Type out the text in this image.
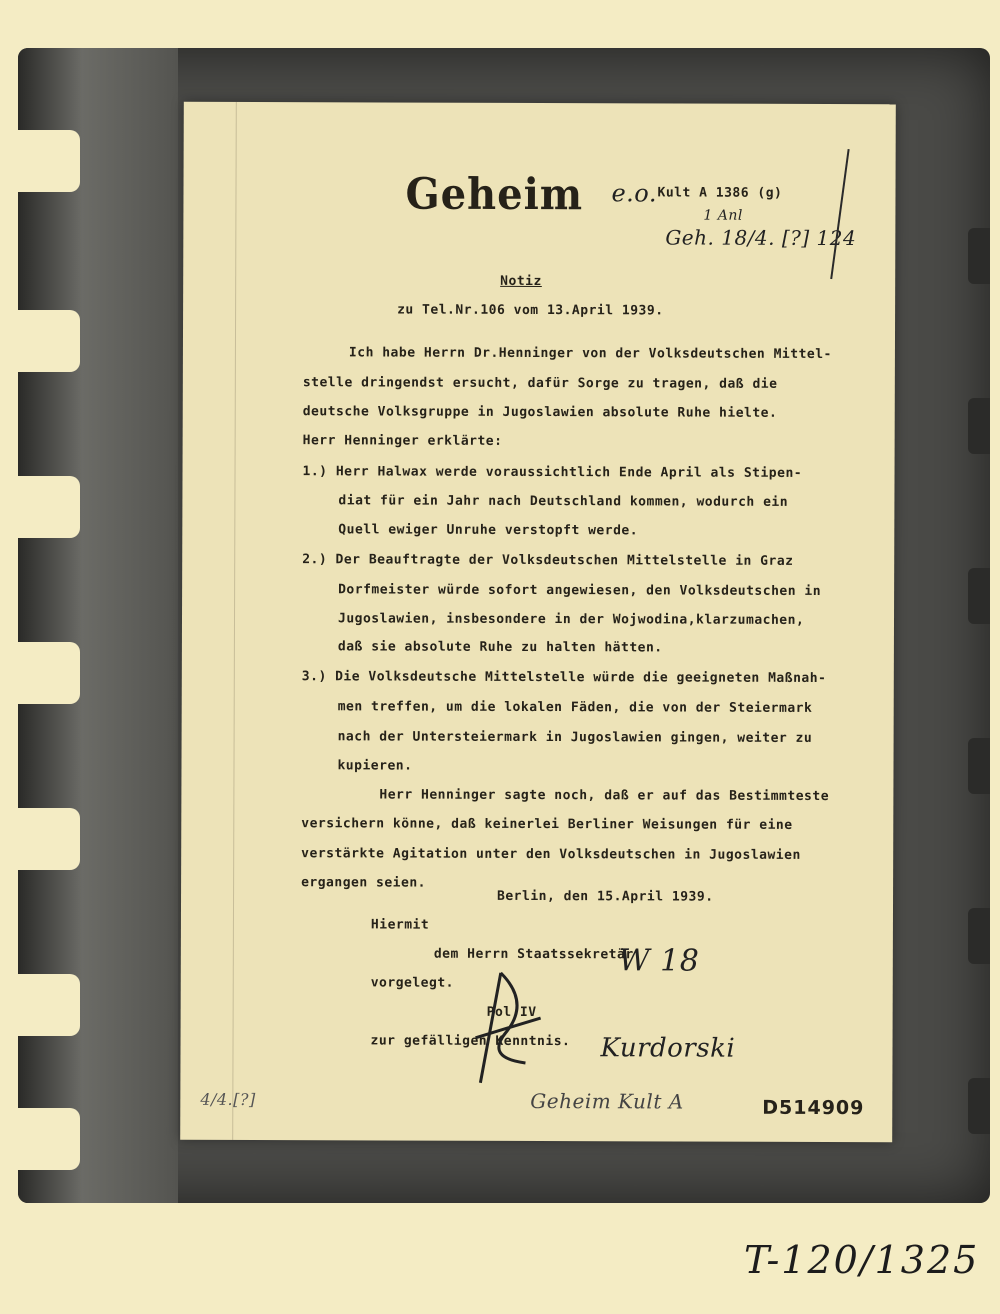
Geheim e.o. Kult A 1386 (g)
1 Anl
Geh. 18/4. [?] 124
Notiz
zu Tel.Nr.106 vom 13.April 1939.
Ich habe Herrn Dr.Henninger von der Volksdeutschen Mittel-
stelle dringendst ersucht, dafür Sorge zu tragen, daß die
deutsche Volksgruppe in Jugoslawien absolute Ruhe hielte.
Herr Henninger erklärte:
1.) Herr Halwax werde voraussichtlich Ende April als Stipen-
diat für ein Jahr nach Deutschland kommen, wodurch ein
Quell ewiger Unruhe verstopft werde.
2.) Der Beauftragte der Volksdeutschen Mittelstelle in Graz
Dorfmeister würde sofort angewiesen, den Volksdeutschen in
Jugoslawien, insbesondere in der Wojwodina,klarzumachen,
daß sie absolute Ruhe zu halten hätten.
3.) Die Volksdeutsche Mittelstelle würde die geeigneten Maßnah-
men treffen, um die lokalen Fäden, die von der Steiermark
nach der Untersteiermark in Jugoslawien gingen, weiter zu
kupieren.
Herr Henninger sagte noch, daß er auf das Bestimmteste
versichern könne, daß keinerlei Berliner Weisungen für eine
verstärkte Agitation unter den Volksdeutschen in Jugoslawien
ergangen seien.
Berlin, den 15.April 1939.
Hiermit
dem Herrn Staatssekretär
vorgelegt.
Pol.IV
zur gefälligen Kenntnis.
W 18
Kurdorski
4/4.[?]	Geheim Kult A	D514909
T-120/1325
